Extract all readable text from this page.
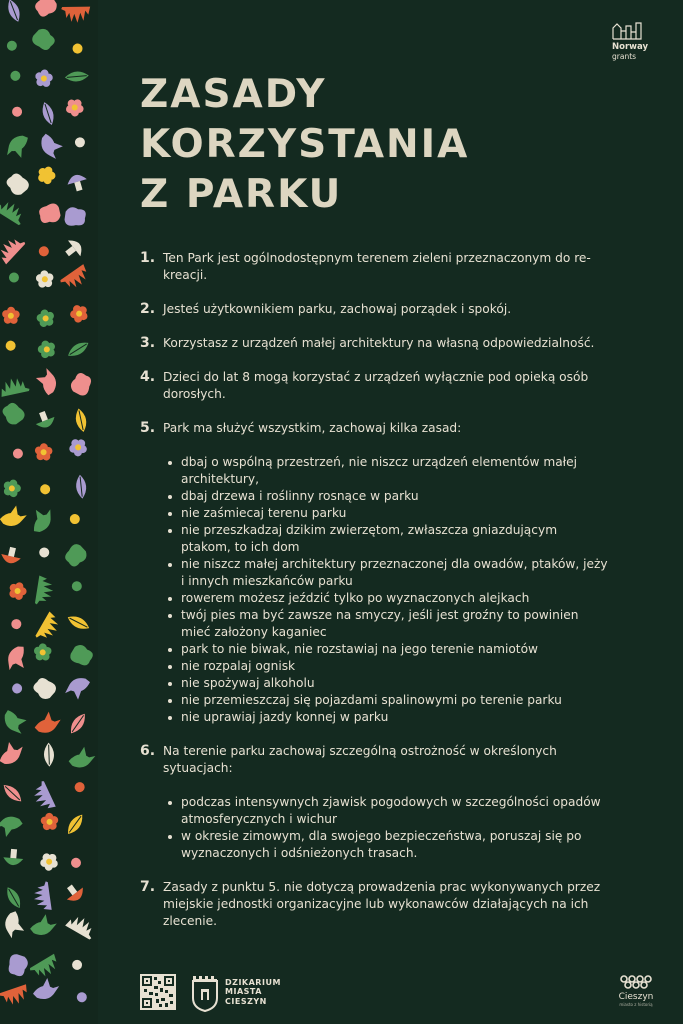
Norway
grants
ZASADY
KORZYSTANIA
Z PARKU
1. Ten Park jest ogólnodostępnym terenem zieleni przeznaczonym do re-kreacji.
2. Jesteś użytkownikiem parku, zachowaj porządek i spokój.
3. Korzystasz z urządzeń małej architektury na własną odpowiedzialność.
4. Dzieci do lat 8 mogą korzystać z urządzeń wyłącznie pod opieką osób dorosłych.
5. Park ma służyć wszystkim, zachowaj kilka zasad:
dbaj o wspólną przestrzeń, nie niszcz urządzeń elementów małej architektury,
dbaj drzewa i roślinny rosnące w parku
nie zaśmiecaj terenu parku
nie przeszkadzaj dzikim zwierzętom, zwłaszcza gniazdującym ptakom, to ich dom
nie niszcz małej architektury przeznaczonej dla owadów, ptaków, jeży i innych mieszkańców parku
rowerem możesz jeździć tylko po wyznaczonych alejkach
twój pies ma być zawsze na smyczy, jeśli jest groźny to powinien mieć założony kaganiec
park to nie biwak, nie rozstawiaj na jego terenie namiotów
nie rozpalaj ognisk
nie spożywaj alkoholu
nie przemieszczaj się pojazdami spalinowymi po terenie parku
nie uprawiaj jazdy konnej w parku
6. Na terenie parku zachowaj szczególną ostrożność w określonych sytuacjach:
podczas intensywnych zjawisk pogodowych w szczególności opadów atmosferycznych i wichur
w okresie zimowym, dla swojego bezpieczeństwa, poruszaj się po wyznaczonych i odśnieżonych trasach.
7. Zasady z punktu 5. nie dotyczą prowadzenia prac wykonywanych przez miejskie jednostki organizacyjne lub wykonawców działających na ich zlecenie.
DZIKARIUM
MIASTA
CIESZYN	Cieszyn
miasto z historią
